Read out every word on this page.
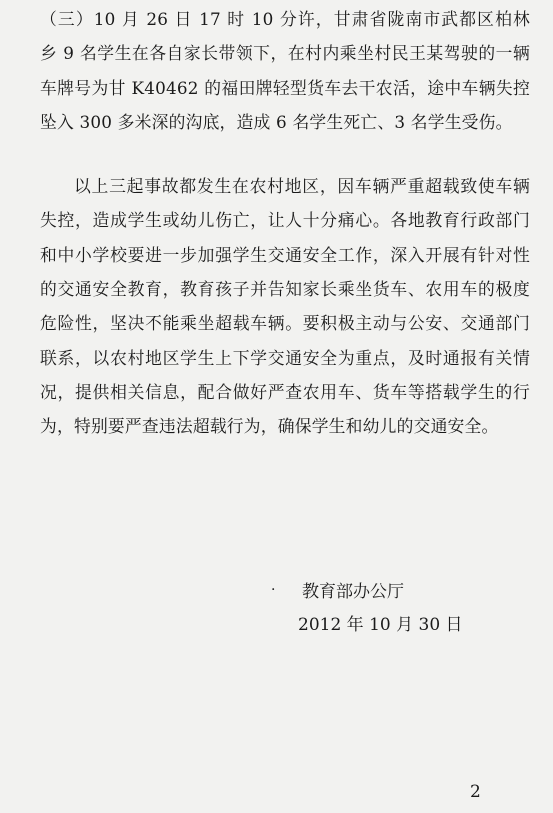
（三）10 月 26 日 17 时 10 分许，甘肃省陇南市武都区柏林
乡 9 名学生在各自家长带领下，在村内乘坐村民王某驾驶的一辆
车牌号为甘 K40462 的福田牌轻型货车去干农活，途中车辆失控
坠入 300 多米深的沟底，造成 6 名学生死亡、3 名学生受伤。
以上三起事故都发生在农村地区，因车辆严重超载致使车辆
失控，造成学生或幼儿伤亡，让人十分痛心。各地教育行政部门
和中小学校要进一步加强学生交通安全工作，深入开展有针对性
的交通安全教育，教育孩子并告知家长乘坐货车、农用车的极度
危险性，坚决不能乘坐超载车辆。要积极主动与公安、交通部门
联系，以农村地区学生上下学交通安全为重点，及时通报有关情
况，提供相关信息，配合做好严查农用车、货车等搭载学生的行
为，特别要严查违法超载行为，确保学生和幼儿的交通安全。
· 教育部办公厅
2012 年 10 月 30 日
2
